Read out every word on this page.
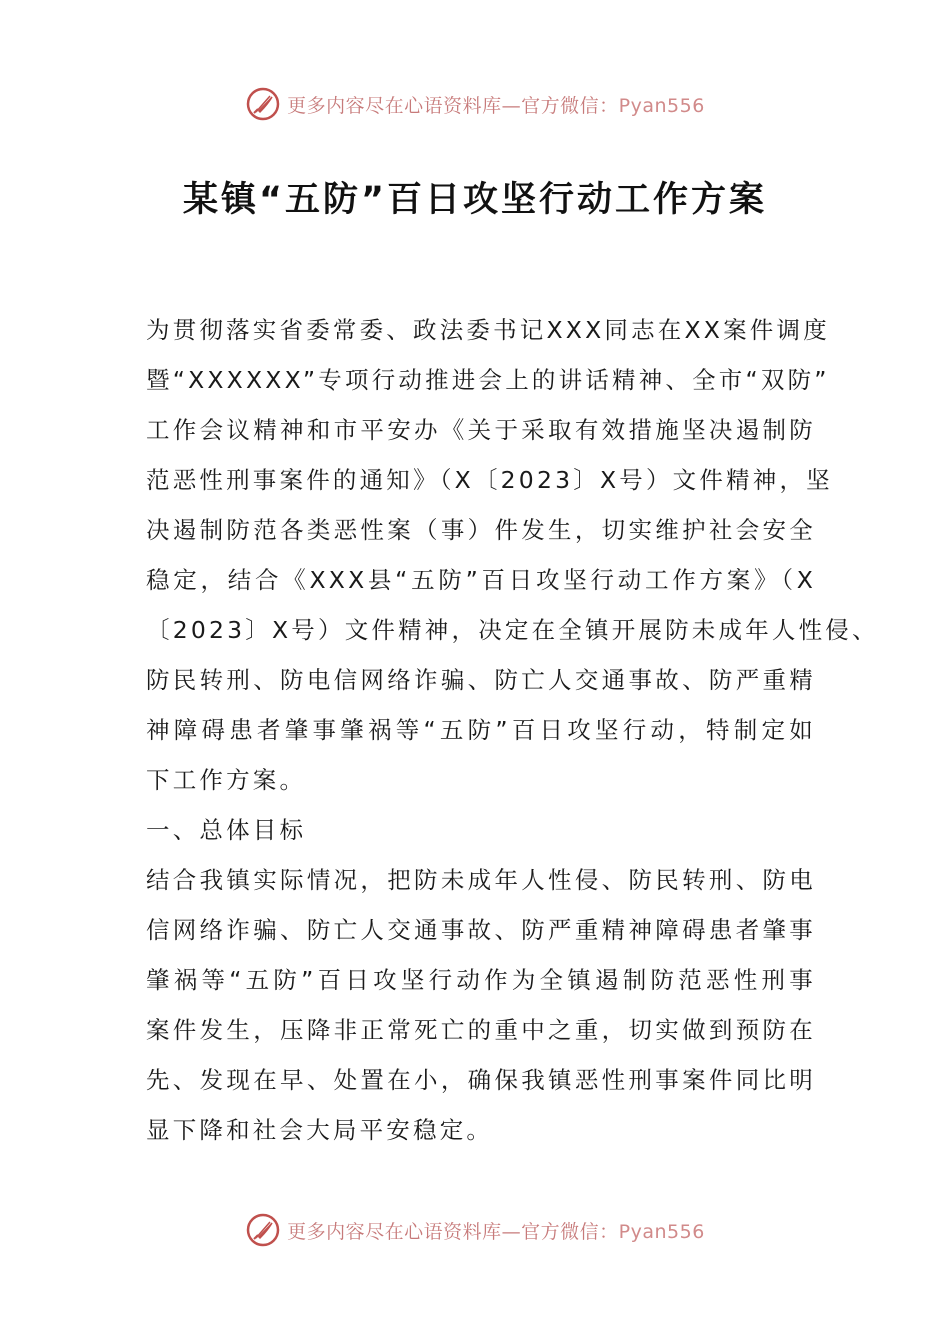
更多内容尽在心语资料库—官方微信：Pyan556
某镇“五防”百日攻坚行动工作方案
为贯彻落实省委常委、政法委书记XXX同志在XX案件调度
暨“XXXXXX”专项行动推进会上的讲话精神、全市“双防”
工作会议精神和市平安办《关于采取有效措施坚决遏制防
范恶性刑事案件的通知》（X〔2023〕X号）文件精神，坚
决遏制防范各类恶性案（事）件发生，切实维护社会安全
稳定，结合《XXX县“五防”百日攻坚行动工作方案》（X
〔2023〕X号）文件精神，决定在全镇开展防未成年人性侵、
防民转刑、防电信网络诈骗、防亡人交通事故、防严重精
神障碍患者肇事肇祸等“五防”百日攻坚行动，特制定如
下工作方案。
一、总体目标
结合我镇实际情况，把防未成年人性侵、防民转刑、防电
信网络诈骗、防亡人交通事故、防严重精神障碍患者肇事
肇祸等“五防”百日攻坚行动作为全镇遏制防范恶性刑事
案件发生，压降非正常死亡的重中之重，切实做到预防在
先、发现在早、处置在小，确保我镇恶性刑事案件同比明
显下降和社会大局平安稳定。
更多内容尽在心语资料库—官方微信：Pyan556
